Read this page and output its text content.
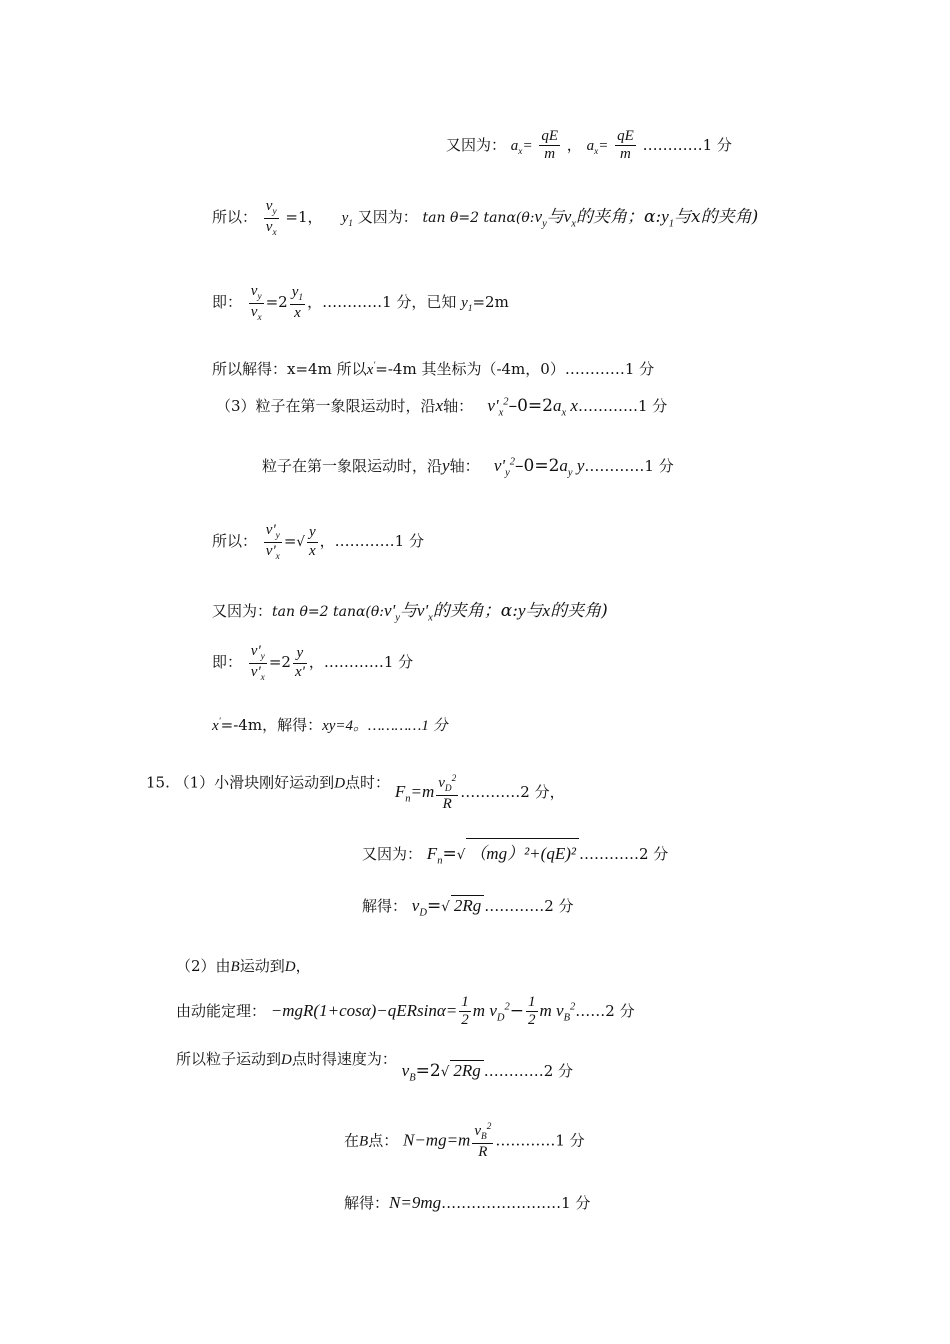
又因为： $a_x= \frac{qE}{m}$ ， $a_x= \frac{qE}{m}$ …………1 分
所以： $\frac{v_y}{v_x} =1$， $y_1$ 又因为： tan θ=2 $\tan\alpha(\theta:v_y$与$v_x$的夹角；$\alpha:y_1$与x的夹角)
即： $\frac{v_y}{v_x} =2 \frac{y_1}{x}$ ，…………1 分，已知 $y_1=2m$
所以解得：x=4m 所以x'=-4m 其坐标为（-4m，0）…………1 分
（3）粒子在第一象限运动时，沿x轴： $v'_x^2-0=2a_x$ x…………1 分
粒子在第一象限运动时，沿y轴： $v'_y^2-0=2a_y$ y…………1 分
所以： $\frac{v'_y}{v'_x}$ =√ $\frac{y}{x}$ ，…………1 分
又因为：tan θ=2 $\tan\alpha(\theta:v'_y$与$v'_x$的夹角；α:y与x的夹角)
即： $\frac{v'_y}{v'_x} =2 \frac{y}{x'}$ ，…………1 分
x'=-4m，解得：xy=4。…………1 分
15. （1）小滑块刚好运动到D点时： $F_n=m \frac{v_D^2}{R}$ …………2 分，
又因为： $F_n=√$ （mg）²+(qE)² …………2 分
解得： $v_D=√$ 2Rg …………2 分
（2）由B运动到D，
由动能定理： $-mgR(1+\cos\alpha)-qERsin\alpha= \frac{1}{2}$ m $v_D^2- \frac{1}{2}$ m $v_B^2\dots\dots 2$ 分
所以粒子运动到D点时得速度为： $v_B=2√$ 2Rg …………2 分
在B点： $N-mg=m \frac{v_B^2}{R}$ …………1 分
解得：N=9mg……………………1 分
